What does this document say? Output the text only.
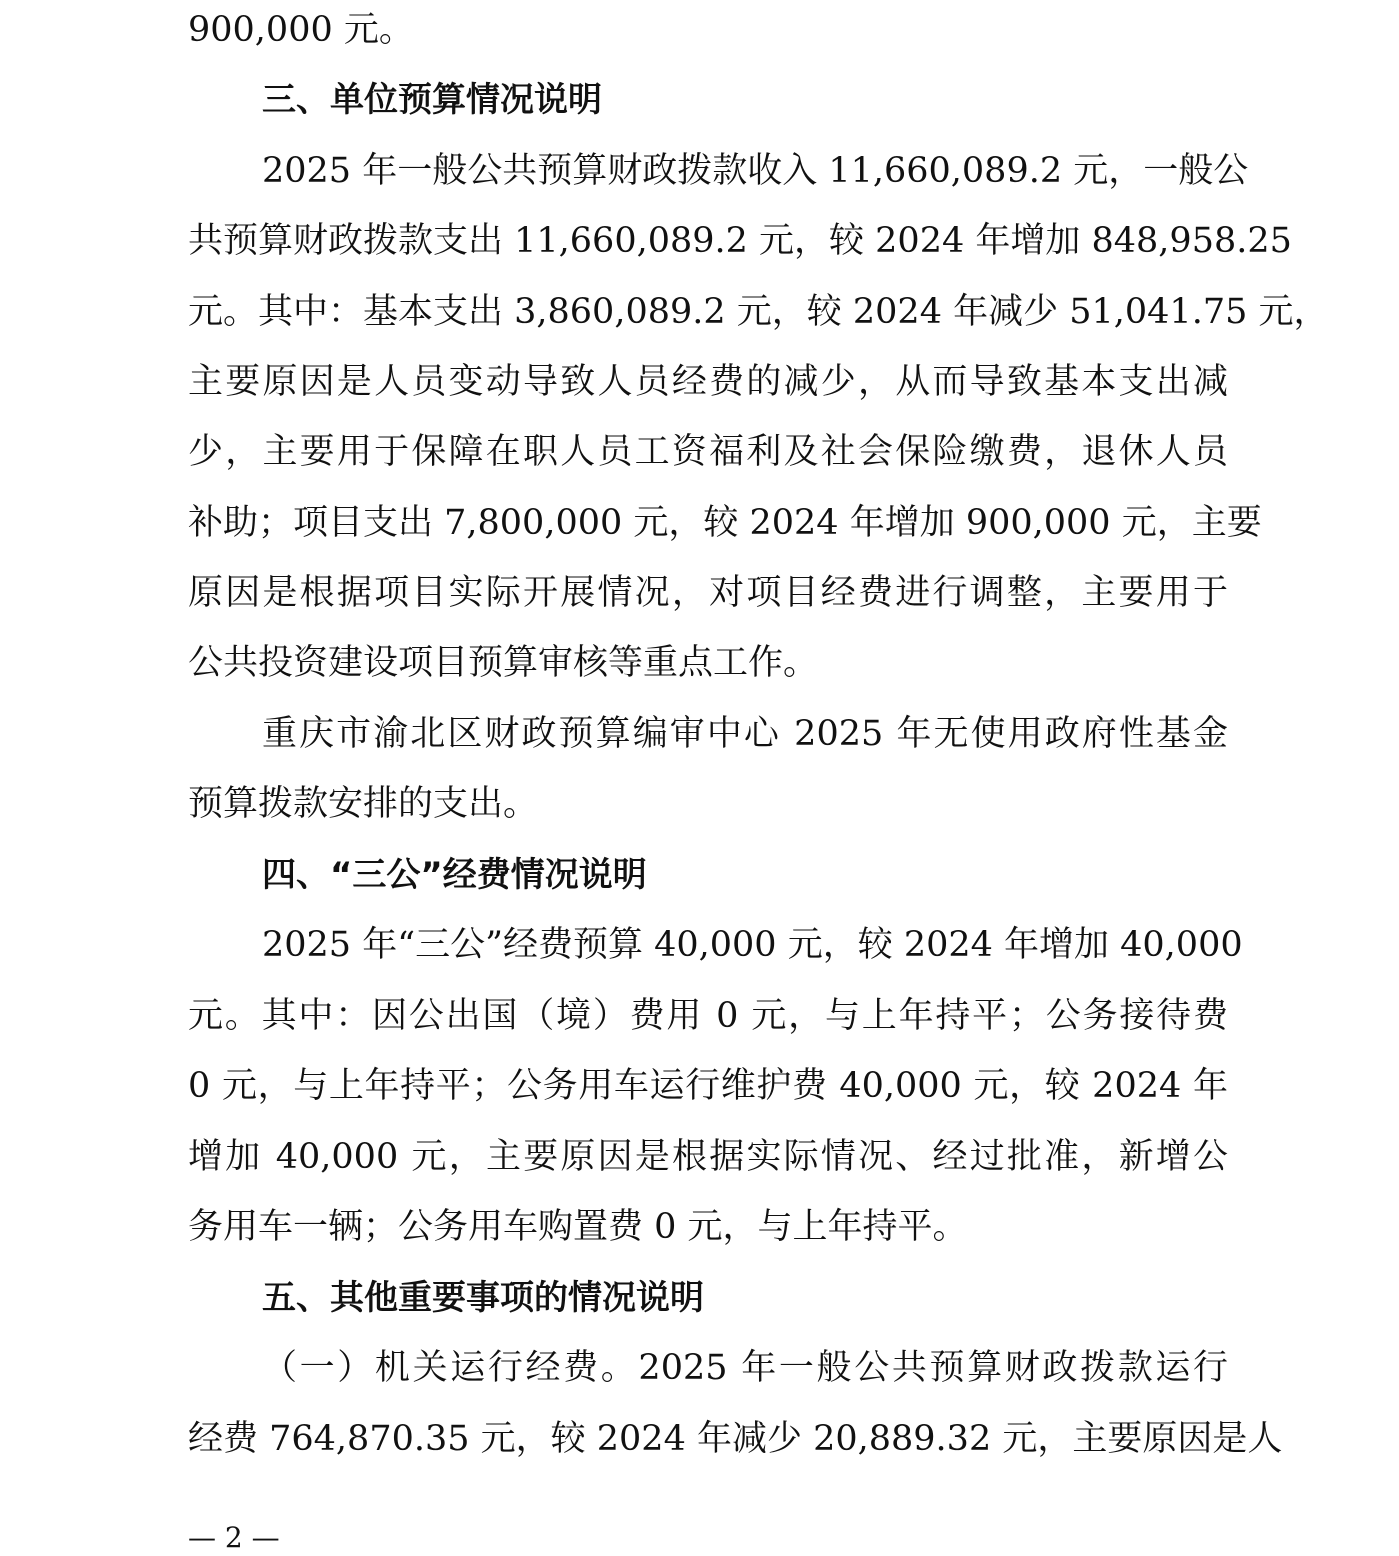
900,000 元。
三、单位预算情况说明
2025 年一般公共预算财政拨款收入 11,660,089.2 元，一般公
共预算财政拨款支出 11,660,089.2 元，较 2024 年增加 848,958.25
元。其中：基本支出 3,860,089.2 元，较 2024 年减少 51,041.75 元，
主要原因是人员变动导致人员经费的减少，从而导致基本支出减
少，主要用于保障在职人员工资福利及社会保险缴费，退休人员
补助；项目支出 7,800,000 元，较 2024 年增加 900,000 元，主要
原因是根据项目实际开展情况，对项目经费进行调整，主要用于
公共投资建设项目预算审核等重点工作。
重庆市渝北区财政预算编审中心 2025 年无使用政府性基金
预算拨款安排的支出。
四、“三公”经费情况说明
2025 年“三公”经费预算 40,000 元，较 2024 年增加 40,000
元。其中：因公出国（境）费用 0 元，与上年持平；公务接待费
0 元，与上年持平；公务用车运行维护费 40,000 元，较 2024 年
增加 40,000 元，主要原因是根据实际情况、经过批准，新增公
务用车一辆；公务用车购置费 0 元，与上年持平。
五、其他重要事项的情况说明
（一）机关运行经费。2025 年一般公共预算财政拨款运行
经费 764,870.35 元，较 2024 年减少 20,889.32 元，主要原因是人
— 2 —
